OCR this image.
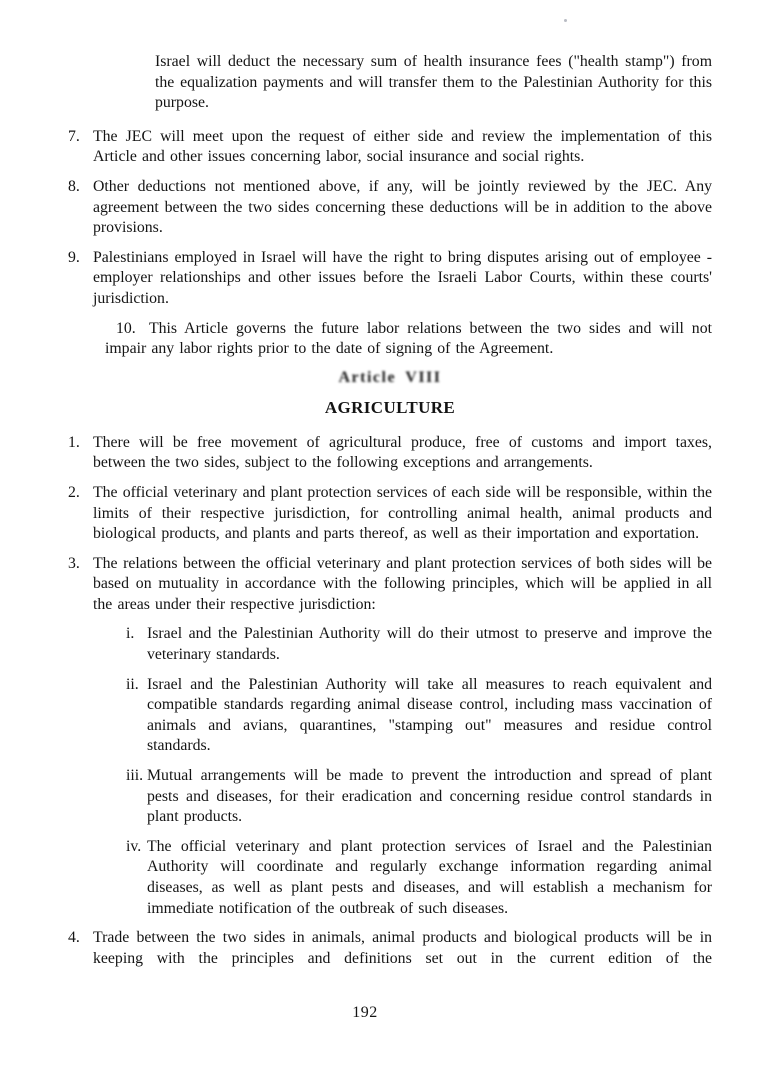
Israel will deduct the necessary sum of health insurance fees ("health stamp") from the equalization payments and will transfer them to the Palestinian Authority for this purpose.
7. The JEC will meet upon the request of either side and review the implementation of this Article and other issues concerning labor, social insurance and social rights.
8. Other deductions not mentioned above, if any, will be jointly reviewed by the JEC. Any agreement between the two sides concerning these deductions will be in addition to the above provisions.
9. Palestinians employed in Israel will have the right to bring disputes arising out of employee - employer relationships and other issues before the Israeli Labor Courts, within these courts' jurisdiction.
10. This Article governs the future labor relations between the two sides and will not impair any labor rights prior to the date of signing of the Agreement.
Article VIII
AGRICULTURE
1. There will be free movement of agricultural produce, free of customs and import taxes, between the two sides, subject to the following exceptions and arrangements.
2. The official veterinary and plant protection services of each side will be responsible, within the limits of their respective jurisdiction, for controlling animal health, animal products and biological products, and plants and parts thereof, as well as their importation and exportation.
3. The relations between the official veterinary and plant protection services of both sides will be based on mutuality in accordance with the following principles, which will be applied in all the areas under their respective jurisdiction:
i. Israel and the Palestinian Authority will do their utmost to preserve and improve the veterinary standards.
ii. Israel and the Palestinian Authority will take all measures to reach equivalent and compatible standards regarding animal disease control, including mass vaccination of animals and avians, quarantines, "stamping out" measures and residue control standards.
iii. Mutual arrangements will be made to prevent the introduction and spread of plant pests and diseases, for their eradication and concerning residue control standards in plant products.
iv. The official veterinary and plant protection services of Israel and the Palestinian Authority will coordinate and regularly exchange information regarding animal diseases, as well as plant pests and diseases, and will establish a mechanism for immediate notification of the outbreak of such diseases.
4. Trade between the two sides in animals, animal products and biological products will be in keeping with the principles and definitions set out in the current edition of the
192
